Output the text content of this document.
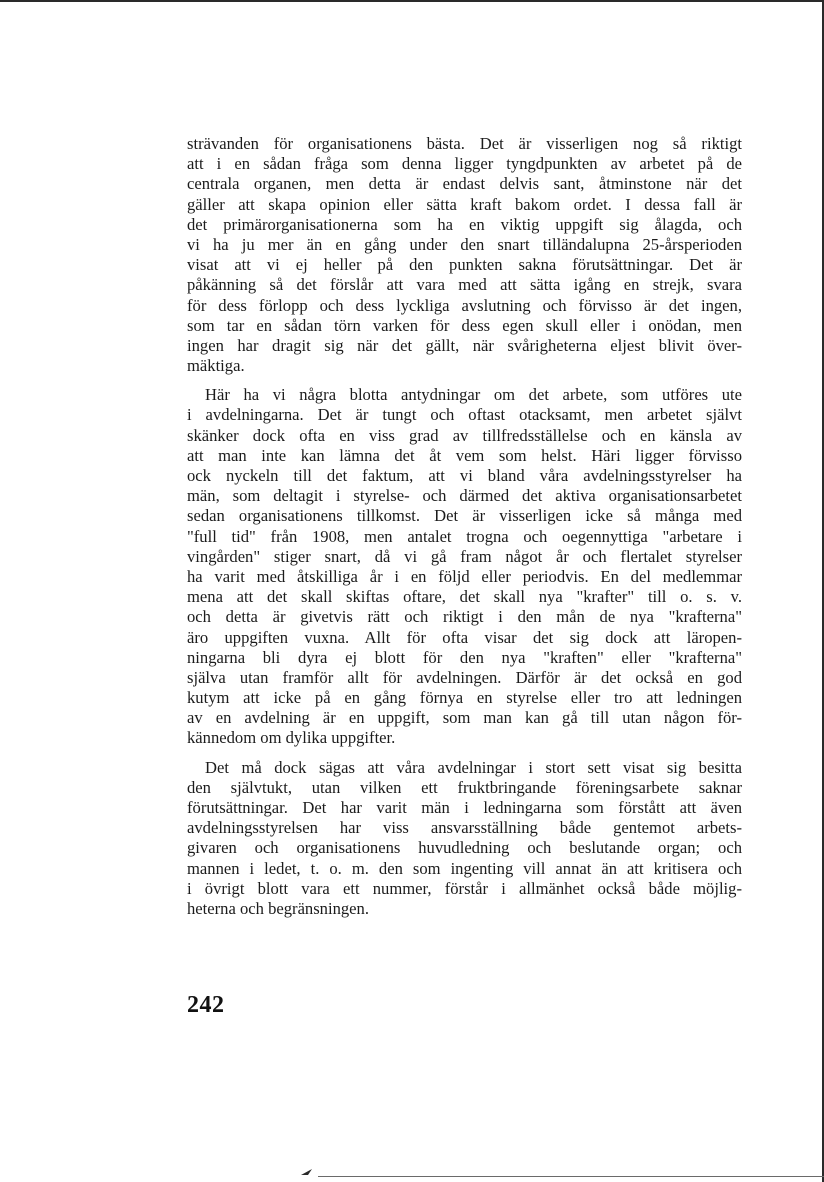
strävanden för organisationens bästa. Det är visserligen nog så riktigt
att i en sådan fråga som denna ligger tyngdpunkten av arbetet på de
centrala organen, men detta är endast delvis sant, åtminstone när det
gäller att skapa opinion eller sätta kraft bakom ordet. I dessa fall är
det primärorganisationerna som ha en viktig uppgift sig ålagda, och
vi ha ju mer än en gång under den snart tilländalupna 25-årsperioden
visat att vi ej heller på den punkten sakna förutsättningar. Det är
påkänning så det förslår att vara med att sätta igång en strejk, svara
för dess förlopp och dess lyckliga avslutning och förvisso är det ingen,
som tar en sådan törn varken för dess egen skull eller i onödan, men
ingen har dragit sig när det gällt, när svårigheterna eljest blivit över-
mäktiga.
Här ha vi några blotta antydningar om det arbete, som utföres ute
i avdelningarna. Det är tungt och oftast otacksamt, men arbetet självt
skänker dock ofta en viss grad av tillfredsställelse och en känsla av
att man inte kan lämna det åt vem som helst. Häri ligger förvisso
ock nyckeln till det faktum, att vi bland våra avdelningsstyrelser ha
män, som deltagit i styrelse- och därmed det aktiva organisationsarbetet
sedan organisationens tillkomst. Det är visserligen icke så många med
"full tid" från 1908, men antalet trogna och oegennyttiga "arbetare i
vingården" stiger snart, då vi gå fram något år och flertalet styrelser
ha varit med åtskilliga år i en följd eller periodvis. En del medlemmar
mena att det skall skiftas oftare, det skall nya "krafter" till o. s. v.
och detta är givetvis rätt och riktigt i den mån de nya "krafterna"
äro uppgiften vuxna. Allt för ofta visar det sig dock att läropen-
ningarna bli dyra ej blott för den nya "kraften" eller "krafterna"
själva utan framför allt för avdelningen. Därför är det också en god
kutym att icke på en gång förnya en styrelse eller tro att ledningen
av en avdelning är en uppgift, som man kan gå till utan någon för-
kännedom om dylika uppgifter.
Det må dock sägas att våra avdelningar i stort sett visat sig besitta
den självtukt, utan vilken ett fruktbringande föreningsarbete saknar
förutsättningar. Det har varit män i ledningarna som förstått att även
avdelningsstyrelsen har viss ansvarsställning både gentemot arbets-
givaren och organisationens huvudledning och beslutande organ; och
mannen i ledet, t. o. m. den som ingenting vill annat än att kritisera och
i övrigt blott vara ett nummer, förstår i allmänhet också både möjlig-
heterna och begränsningen.
242
